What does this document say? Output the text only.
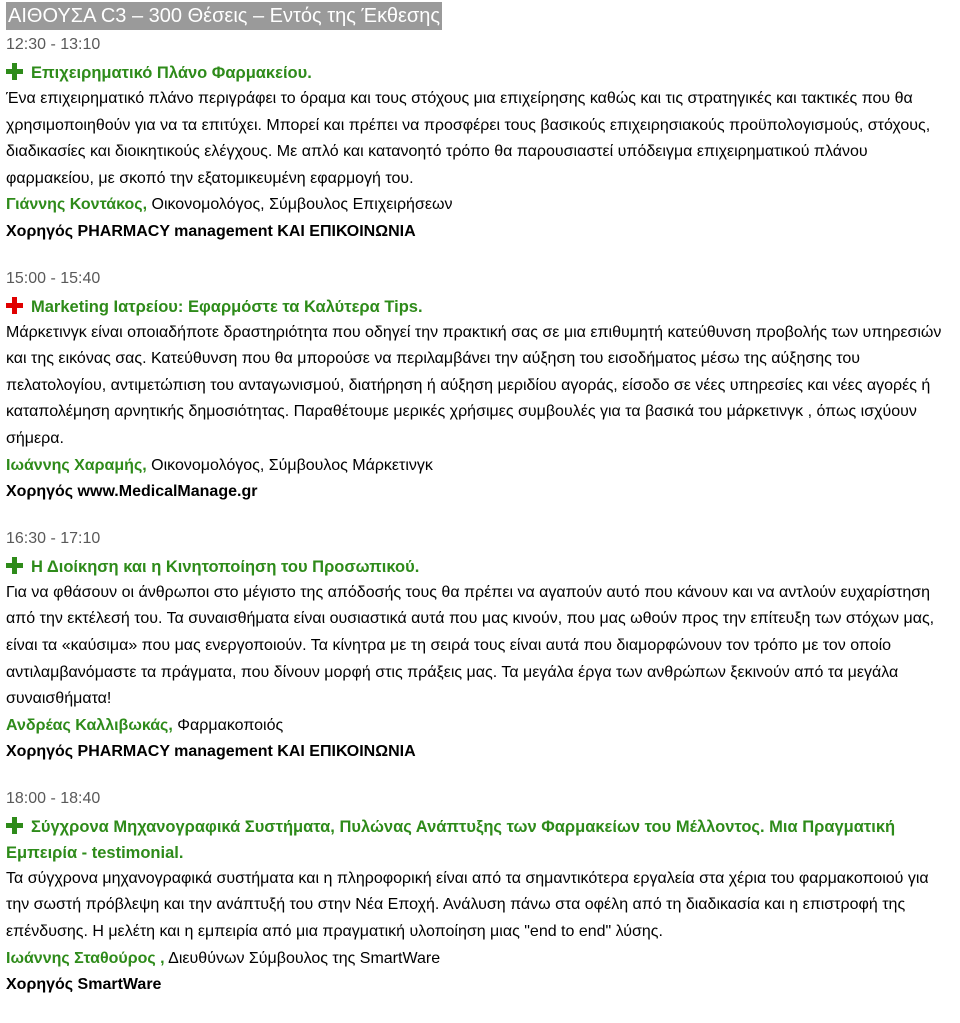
ΑΙΘΟΥΣΑ C3 – 300 Θέσεις – Εντός της Έκθεσης
12:30 - 13:10
Επιχειρηματικό Πλάνο Φαρμακείου.
Ένα επιχειρηματικό πλάνο περιγράφει το όραμα και τους στόχους μια επιχείρησης καθώς και τις στρατηγικές και τακτικές που θα χρησιμοποιηθούν για να τα επιτύχει. Μπορεί και πρέπει να προσφέρει τους βασικούς επιχειρησιακούς προϋπολογισμούς, στόχους, διαδικασίες και διοικητικούς ελέγχους. Με απλό και κατανοητό τρόπο θα παρουσιαστεί υπόδειγμα επιχειρηματικού πλάνου φαρμακείου, με σκοπό την εξατομικευμένη εφαρμογή του.
Γιάννης Κοντάκος, Οικονομολόγος, Σύμβουλος Επιχειρήσεων
Χορηγός PHARMACY management ΚΑΙ ΕΠΙΚΟΙΝΩΝΙΑ
15:00 - 15:40
Marketing Ιατρείου: Εφαρμόστε τα Καλύτερα Tips.
Μάρκετινγκ είναι οποιαδήποτε δραστηριότητα που οδηγεί την πρακτική σας σε μια επιθυμητή κατεύθυνση προβολής των υπηρεσιών και της εικόνας σας. Κατεύθυνση που θα μπορούσε να περιλαμβάνει την αύξηση του εισοδήματος μέσω της αύξησης του πελατολογίου, αντιμετώπιση του ανταγωνισμού, διατήρηση ή αύξηση μεριδίου αγοράς, είσοδο σε νέες υπηρεσίες και νέες αγορές ή καταπολέμηση αρνητικής δημοσιότητας. Παραθέτουμε μερικές χρήσιμες συμβουλές για τα βασικά του μάρκετινγκ , όπως ισχύουν σήμερα.
Ιωάννης Χαραμής, Οικονομολόγος, Σύμβουλος Μάρκετινγκ
Χορηγός www.MedicalManage.gr
16:30 - 17:10
Η Διοίκηση και η Κινητοποίηση του Προσωπικού.
Για να φθάσουν οι άνθρωποι στο μέγιστο της απόδοσής τους θα πρέπει να αγαπούν αυτό που κάνουν και να αντλούν ευχαρίστηση από την εκτέλεσή του. Τα συναισθήματα είναι ουσιαστικά αυτά που μας κινούν, που μας ωθούν προς την επίτευξη των στόχων μας, είναι τα «καύσιμα» που μας ενεργοποιούν. Τα κίνητρα με τη σειρά τους είναι αυτά που διαμορφώνουν τον τρόπο με τον οποίο αντιλαμβανόμαστε τα πράγματα, που δίνουν μορφή στις πράξεις μας. Τα μεγάλα έργα των ανθρώπων ξεκινούν από τα μεγάλα συναισθήματα!
Ανδρέας Καλλιβωκάς, Φαρμακοποιός
Χορηγός PHARMACY management ΚΑΙ ΕΠΙΚΟΙΝΩΝΙΑ
18:00 - 18:40
Σύγχρονα Μηχανογραφικά Συστήματα, Πυλώνας Ανάπτυξης των Φαρμακείων του Μέλλοντος. Μια Πραγματική Εμπειρία - testimonial.
Τα σύγχρονα μηχανογραφικά συστήματα και η πληροφορική είναι από τα σημαντικότερα εργαλεία στα χέρια του φαρμακοποιού για την σωστή πρόβλεψη και την ανάπτυξή του στην Νέα Εποχή. Ανάλυση πάνω στα οφέλη από τη διαδικασία και η επιστροφή της επένδυσης. Η μελέτη και η εμπειρία από μια πραγματική υλοποίηση μιας "end to end" λύσης.
Ιωάννης Σταθούρος , Διευθύνων Σύμβουλος της SmartWare
Χορηγός SmartWare
